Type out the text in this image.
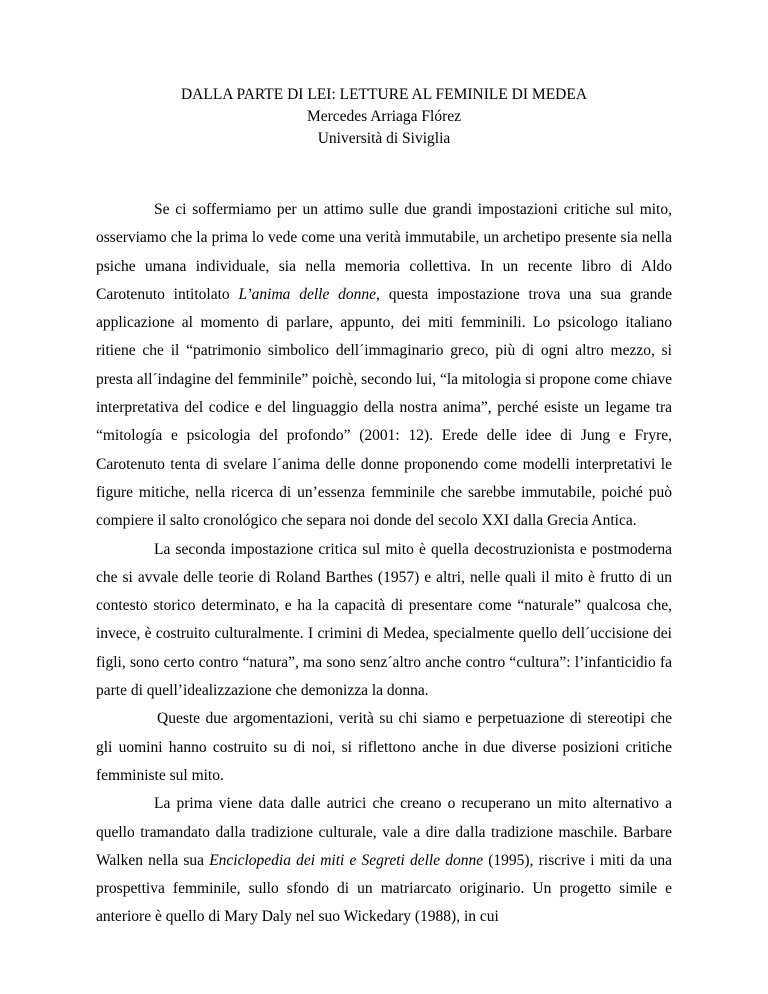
DALLA PARTE DI LEI: LETTURE AL FEMINILE DI MEDEA
Mercedes Arriaga Flórez
Università di Siviglia

Se ci soffermiamo per un attimo sulle due grandi impostazioni critiche sul mito, osserviamo che la prima lo vede come una verità immutabile, un archetipo presente sia nella psiche umana individuale, sia nella memoria collettiva. In un recente libro di Aldo Carotenuto intitolato L’anima delle donne, questa impostazione trova una sua grande applicazione al momento di parlare, appunto, dei miti femminili. Lo psicologo italiano ritiene che il “patrimonio simbolico dell´immaginario greco, più di ogni altro mezzo, si presta all´indagine del femminile” poichè, secondo lui, “la mitologia si propone come chiave interpretativa del codice e del linguaggio della nostra anima”, perché esiste un legame tra “mitología e psicologia del profondo” (2001: 12). Erede delle idee di Jung e Fryre, Carotenuto tenta di svelare l´anima delle donne proponendo come modelli interpretativi le figure mitiche, nella ricerca di un’essenza femminile che sarebbe immutabile, poiché può compiere il salto cronológico che separa noi donde del secolo XXI dalla Grecia Antica.

La seconda impostazione critica sul mito è quella decostruzionista e postmoderna che si avvale delle teorie di Roland Barthes (1957) e altri, nelle quali il mito è frutto di un contesto storico determinato, e ha la capacità di presentare come “naturale” qualcosa che, invece, è costruito culturalmente. I crimini di Medea, specialmente quello dell´uccisione dei figli, sono certo contro “natura”, ma sono senz´altro anche contro “cultura”: l’infanticidio fa parte di quell’idealizzazione che demonizza la donna.

Queste due argomentazioni, verità su chi siamo e perpetuazione di stereotipi che gli uomini hanno costruito su di noi, si riflettono anche in due diverse posizioni critiche femministe sul mito.

La prima viene data dalle autrici che creano o recuperano un mito alternativo a quello tramandato dalla tradizione culturale, vale a dire dalla tradizione maschile. Barbare Walken nella sua Enciclopedia dei miti e Segreti delle donne (1995), riscrive i miti da una prospettiva femminile, sullo sfondo di un matriarcato originario. Un progetto simile e anteriore è quello di Mary Daly nel suo Wickedary (1988), in cui
